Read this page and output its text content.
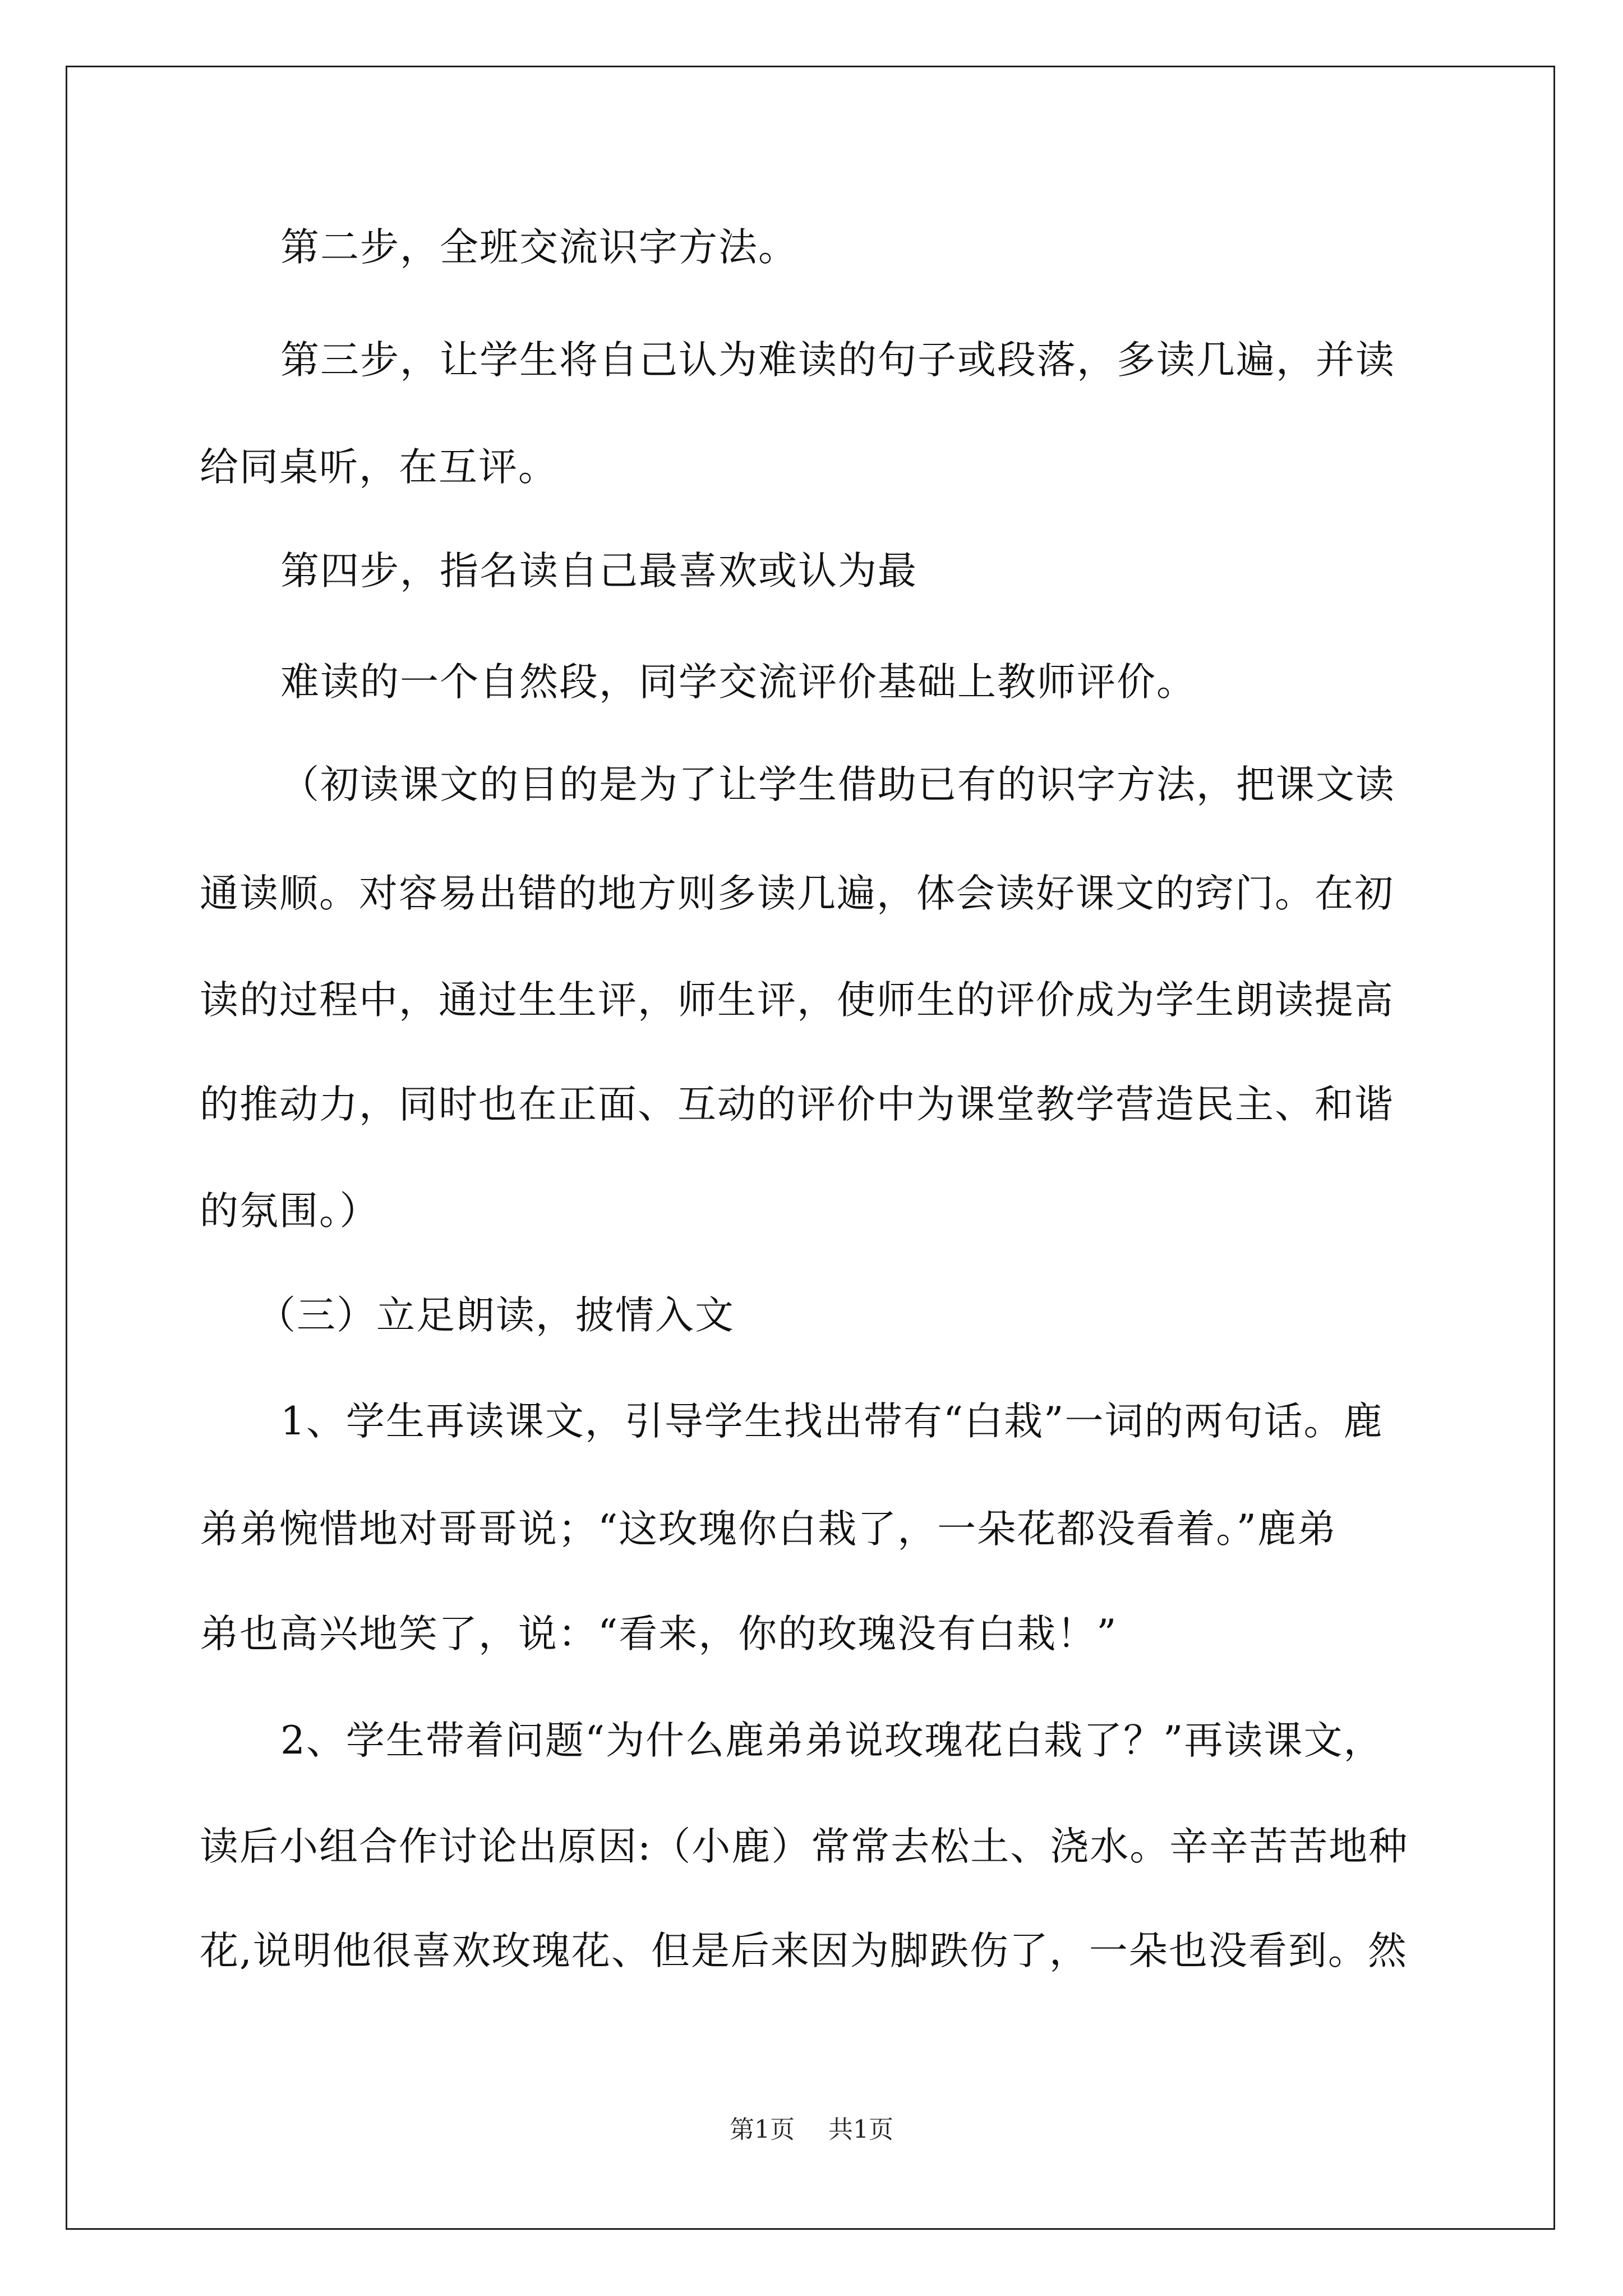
第二步，全班交流识字方法。
第三步，让学生将自己认为难读的句子或段落，多读几遍，并读
给同桌听，在互评。
第四步，指名读自己最喜欢或认为最
难读的一个自然段，同学交流评价基础上教师评价。
（初读课文的目的是为了让学生借助已有的识字方法，把课文读
通读顺。对容易出错的地方则多读几遍，体会读好课文的窍门。在初
读的过程中，通过生生评，师生评，使师生的评价成为学生朗读提高
的推动力，同时也在正面、互动的评价中为课堂教学营造民主、和谐
的氛围。）
（三）立足朗读，披情入文
1、学生再读课文，引导学生找出带有“白栽”一词的两句话。鹿
弟弟惋惜地对哥哥说；“这玫瑰你白栽了，一朵花都没看着。”鹿弟
弟也高兴地笑了，说：“看来，你的玫瑰没有白栽！”
2、学生带着问题“为什么鹿弟弟说玫瑰花白栽了？”再读课文，
读后小组合作讨论出原因:（小鹿）常常去松土、浇水。辛辛苦苦地种
花,说明他很喜欢玫瑰花、但是后来因为脚跌伤了，一朵也没看到。然
第1页 共1页
